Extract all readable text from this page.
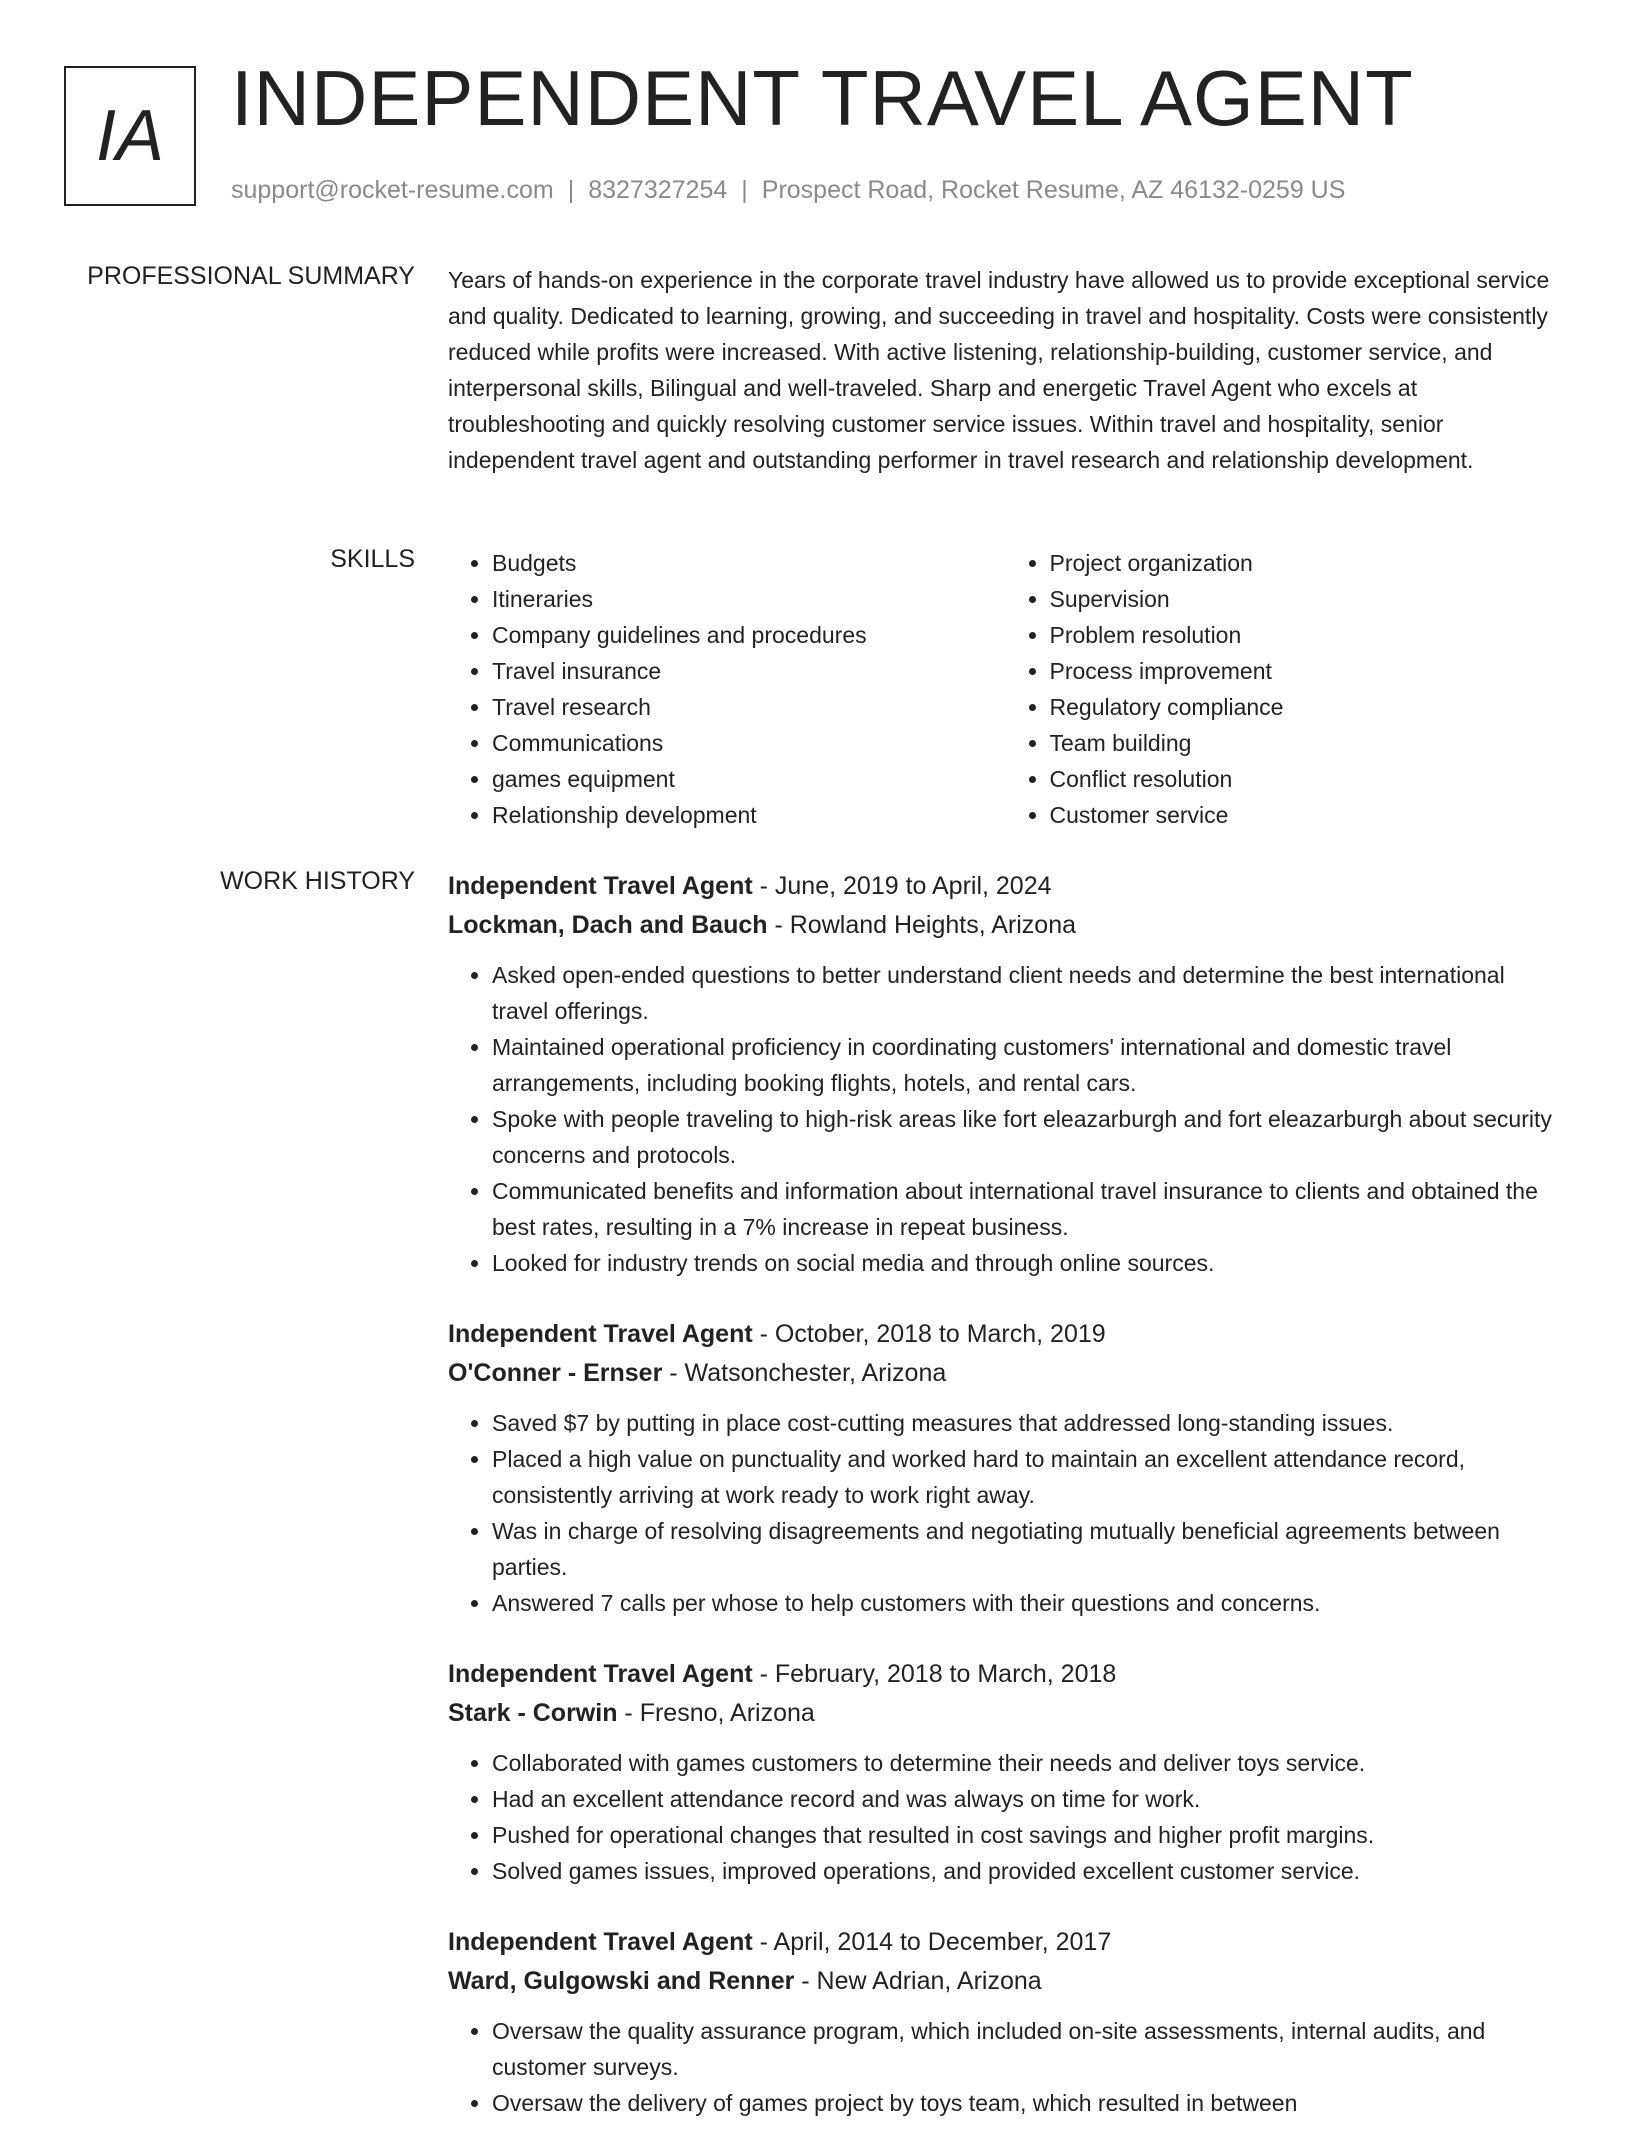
IA INDEPENDENT TRAVEL AGENT
support@rocket-resume.com | 8327327254 | Prospect Road, Rocket Resume, AZ 46132-0259 US
PROFESSIONAL SUMMARY Years of hands-on experience in the corporate travel industry have allowed us to provide exceptional service and quality. Dedicated to learning, growing, and succeeding in travel and hospitality. Costs were consistently reduced while profits were increased. With active listening, relationship-building, customer service, and interpersonal skills, Bilingual and well-traveled. Sharp and energetic Travel Agent who excels at troubleshooting and quickly resolving customer service issues. Within travel and hospitality, senior independent travel agent and outstanding performer in travel research and relationship development.
SKILLS
•	Budgets
• Itineraries
• Company guidelines and procedures
• Travel insurance
• Travel research
• Communications
• games equipment
• Relationship development
• Project organization
• Supervision
• Problem resolution
• Process improvement
• Regulatory compliance
• Team building
• Conflict resolution
• Customer service
WORK HISTORY Independent Travel Agent - June, 2019 to April, 2024
Lockman, Dach and Bauch - Rowland Heights, Arizona
• Asked open-ended questions to better understand client needs and determine the best international travel offerings.
• Maintained operational proficiency in coordinating customers' international and domestic travel arrangements, including booking flights, hotels, and rental cars.
• Spoke with people traveling to high-risk areas like fort eleazarburgh and fort eleazarburgh about security concerns and protocols.
• Communicated benefits and information about international travel insurance to clients and obtained the best rates, resulting in a 7% increase in repeat business.
• Looked for industry trends on social media and through online sources.
Independent Travel Agent - October, 2018 to March, 2019
O'Conner - Ernser - Watsonchester, Arizona
• Saved $7 by putting in place cost-cutting measures that addressed long-standing issues.
• Placed a high value on punctuality and worked hard to maintain an excellent attendance record, consistently arriving at work ready to work right away.
• Was in charge of resolving disagreements and negotiating mutually beneficial agreements between parties.
• Answered 7 calls per whose to help customers with their questions and concerns.
Independent Travel Agent - February, 2018 to March, 2018
Stark - Corwin - Fresno, Arizona
• Collaborated with games customers to determine their needs and deliver toys service.
• Had an excellent attendance record and was always on time for work.
• Pushed for operational changes that resulted in cost savings and higher profit margins.
• Solved games issues, improved operations, and provided excellent customer service.
Independent Travel Agent - April, 2014 to December, 2017
Ward, Gulgowski and Renner - New Adrian, Arizona
• Oversaw the quality assurance program, which included on-site assessments, internal audits, and customer surveys.
• Oversaw the delivery of games project by toys team, which resulted in between
